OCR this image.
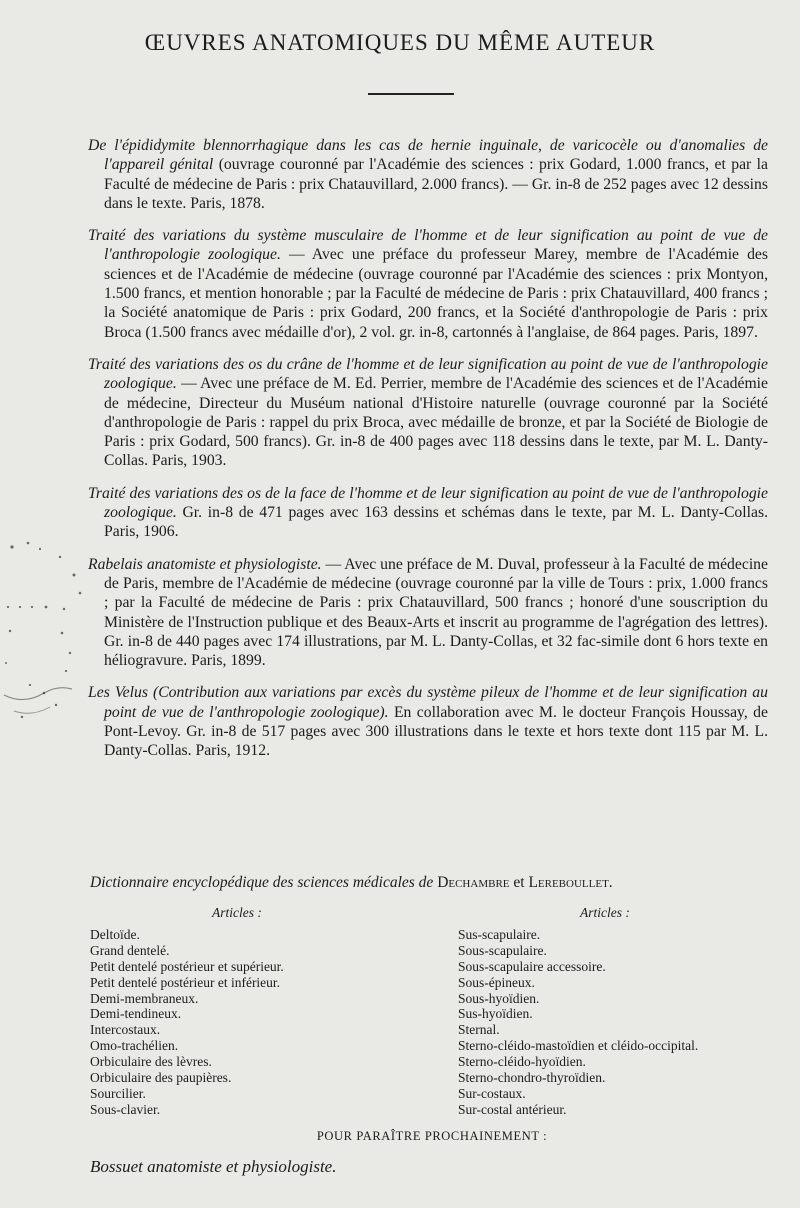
ŒUVRES ANATOMIQUES DU MÊME AUTEUR

De l'épididymite blennorrhagique dans les cas de hernie inguinale, de varicocèle ou d'anomalies de l'appareil génital (ouvrage couronné par l'Académie des sciences : prix Godard, 1.000 francs, et par la Faculté de médecine de Paris : prix Chatauvillard, 2.000 francs). — Gr. in-8 de 252 pages avec 12 dessins dans le texte. Paris, 1878.

Traité des variations du système musculaire de l'homme et de leur signification au point de vue de l'anthropologie zoologique. — Avec une préface du professeur Marey, membre de l'Académie des sciences et de l'Académie de médecine (ouvrage couronné par l'Académie des sciences : prix Montyon, 1.500 francs, et mention honorable ; par la Faculté de médecine de Paris : prix Chatauvillard, 400 francs ; la Société anatomique de Paris : prix Godard, 200 francs, et la Société d'anthropologie de Paris : prix Broca (1.500 francs avec médaille d'or), 2 vol. gr. in-8, cartonnés à l'anglaise, de 864 pages. Paris, 1897.

Traité des variations des os du crâne de l'homme et de leur signification au point de vue de l'anthropologie zoologique. — Avec une préface de M. Ed. Perrier, membre de l'Académie des sciences et de l'Académie de médecine, Directeur du Muséum national d'Histoire naturelle (ouvrage couronné par la Société d'anthropologie de Paris : rappel du prix Broca, avec médaille de bronze, et par la Société de Biologie de Paris : prix Godard, 500 francs). Gr. in-8 de 400 pages avec 118 dessins dans le texte, par M. L. Danty-Collas. Paris, 1903.

Traité des variations des os de la face de l'homme et de leur signification au point de vue de l'anthropologie zoologique. Gr. in-8 de 471 pages avec 163 dessins et schémas dans le texte, par M. L. Danty-Collas. Paris, 1906.

Rabelais anatomiste et physiologiste. — Avec une préface de M. Duval, professeur à la Faculté de médecine de Paris, membre de l'Académie de médecine (ouvrage couronné par la ville de Tours : prix, 1.000 francs ; par la Faculté de médecine de Paris : prix Chatauvillard, 500 francs ; honoré d'une souscription du Ministère de l'Instruction publique et des Beaux-Arts et inscrit au programme de l'agrégation des lettres). Gr. in-8 de 440 pages avec 174 illustrations, par M. L. Danty-Collas, et 32 fac-simile dont 6 hors texte en héliogravure. Paris, 1899.

Les Velus (Contribution aux variations par excès du système pileux de l'homme et de leur signification au point de vue de l'anthropologie zoologique). En collaboration avec M. le docteur François Houssay, de Pont-Levoy. Gr. in-8 de 517 pages avec 300 illustrations dans le texte et hors texte dont 115 par M. L. Danty-Collas. Paris, 1912.

Dictionnaire encyclopédique des sciences médicales de Dechambre et Lereboullet.
Articles :
Deltoïde.
Grand dentelé.
Petit dentelé postérieur et supérieur.
Petit dentelé postérieur et inférieur.
Demi-membraneux.
Demi-tendineux.
Intercostaux.
Omo-trachélien.
Orbiculaire des lèvres.
Orbiculaire des paupières.
Sourcilier.
Sous-clavier.
Articles :
Sus-scapulaire.
Sous-scapulaire.
Sous-scapulaire accessoire.
Sous-épineux.
Sous-hyoïdien.
Sus-hyoïdien.
Sternal.
Sterno-cléido-mastoïdien et cléido-occipital.
Sterno-cléido-hyoïdien.
Sterno-chondro-thyroïdien.
Sur-costaux.
Sur-costal antérieur.
POUR PARAÎTRE PROCHAINEMENT :
Bossuet anatomiste et physiologiste.
